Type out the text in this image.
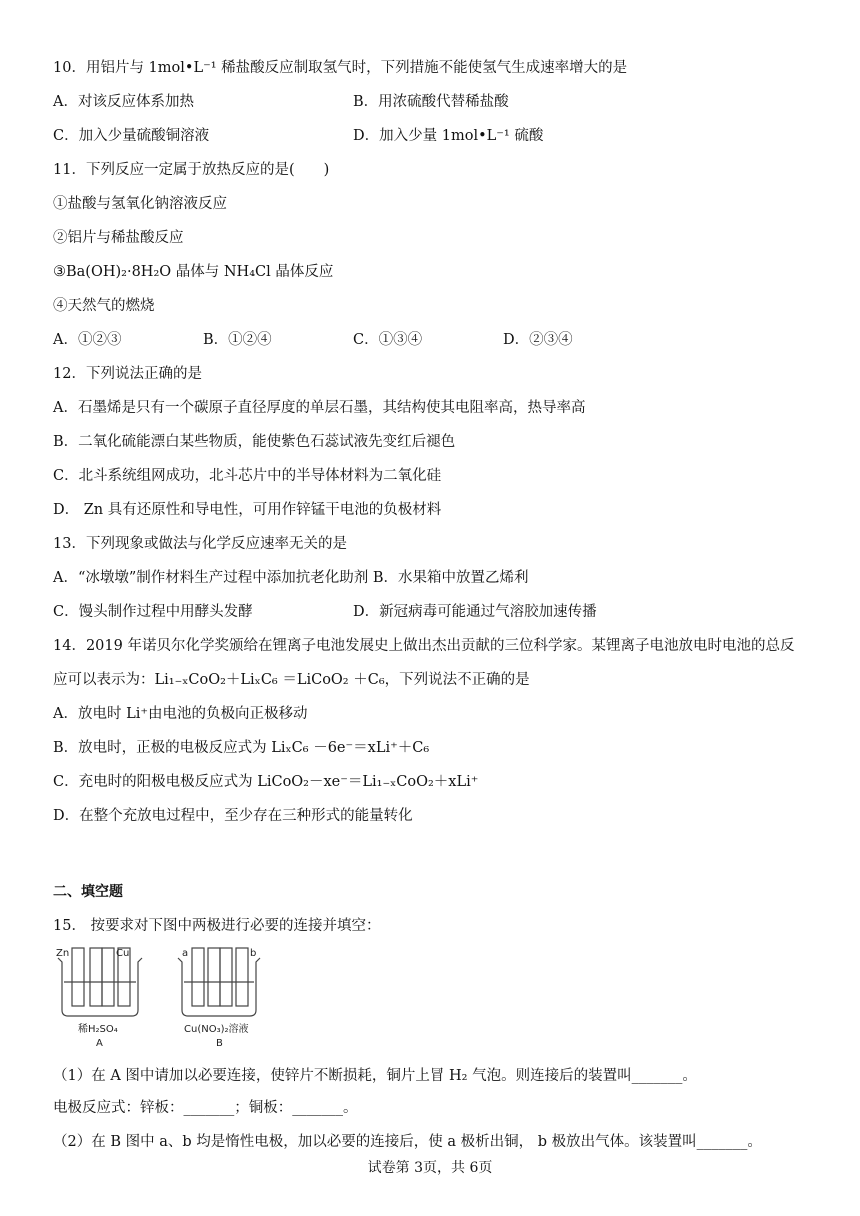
10．用铝片与 1mol•L⁻¹ 稀盐酸反应制取氢气时，下列措施不能使氢气生成速率增大的是
A．对该反应体系加热	B．用浓硫酸代替稀盐酸
C．加入少量硫酸铜溶液	D．加入少量 1mol•L⁻¹ 硫酸
11．下列反应一定属于放热反应的是(　　)
①盐酸与氢氧化钠溶液反应
②铝片与稀盐酸反应
③Ba(OH)₂·8H₂O 晶体与 NH₄Cl 晶体反应
④天然气的燃烧
A．①②③	B．①②④	C．①③④	D．②③④
12．下列说法正确的是
A．石墨烯是只有一个碳原子直径厚度的单层石墨，其结构使其电阻率高，热导率高
B．二氧化硫能漂白某些物质，能使紫色石蕊试液先变红后褪色
C．北斗系统组网成功，北斗芯片中的半导体材料为二氧化硅
D． Zn 具有还原性和导电性，可用作锌锰干电池的负极材料
13．下列现象或做法与化学反应速率无关的是
A．“冰墩墩”制作材料生产过程中添加抗老化助剂 B．水果箱中放置乙烯利
C．馒头制作过程中用酵头发酵	D．新冠病毒可能通过气溶胶加速传播
14．2019 年诺贝尔化学奖颁给在锂离子电池发展史上做出杰出贡献的三位科学家。某锂离子电池放电时电池的总反
应可以表示为：Li₁₋ₓCoO₂＋LiₓC₆ ＝LiCoO₂ ＋C₆，下列说法不正确的是
A．放电时 Li⁺由电池的负极向正极移动
B．放电时，正极的电极反应式为 LiₓC₆ －6e⁻＝xLi⁺＋C₆
C．充电时的阳极电极反应式为 LiCoO₂－xe⁻＝Li₁₋ₓCoO₂＋xLi⁺
D．在整个充放电过程中，至少存在三种形式的能量转化
二、填空题
15． 按要求对下图中两极进行必要的连接并填空：
Zn	Cu
稀H₂SO₄
A
a	b
Cu(NO₃)₂溶液
B
（1）在 A 图中请加以必要连接，使锌片不断损耗，铜片上冒 H₂ 气泡。则连接后的装置叫_______。
电极反应式：锌板：_______；铜板：_______。
（2）在 B 图中 a、b 均是惰性电极，加以必要的连接后，使 a 极析出铜， b 极放出气体。该装置叫_______。
试卷第 3页，共 6页
